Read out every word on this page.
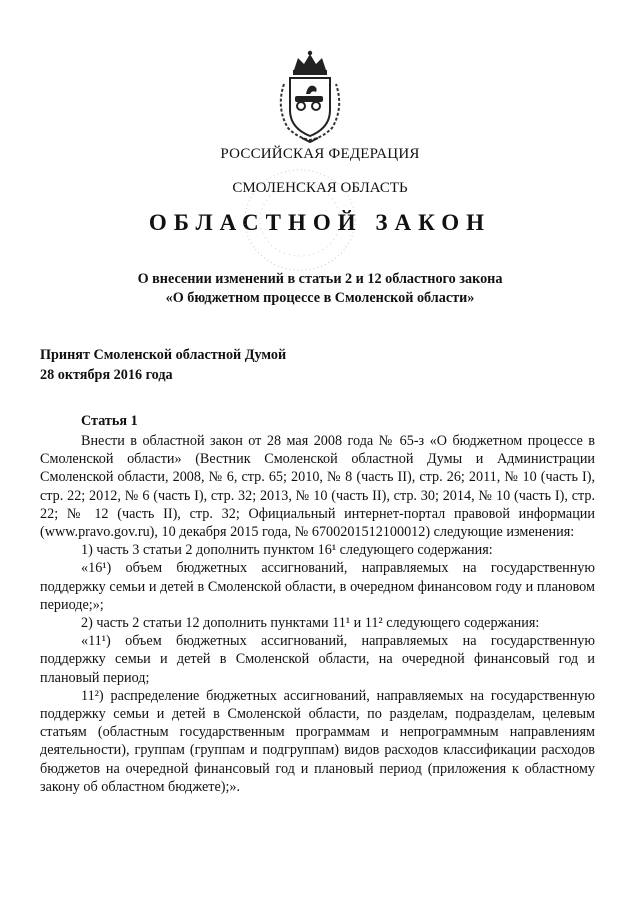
РОССИЙСКАЯ ФЕДЕРАЦИЯ
СМОЛЕНСКАЯ ОБЛАСТЬ
ОБЛАСТНОЙ ЗАКОН
О внесении изменений в статьи 2 и 12 областного закона
«О бюджетном процессе в Смоленской области»
Принят Смоленской областной Думой
28 октября 2016 года
Статья 1

Внести в областной закон от 28 мая 2008 года № 65-з «О бюджетном процессе в Смоленской области» (Вестник Смоленской областной Думы и Администрации Смоленской области, 2008, № 6, стр. 65; 2010, № 8 (часть II), стр. 26; 2011, № 10 (часть I), стр. 22; 2012, № 6 (часть I), стр. 32; 2013, № 10 (часть II), стр. 30; 2014, № 10 (часть I), стр. 22; № 12 (часть II), стр. 32; Официальный интернет-портал правовой информации (www.pravo.gov.ru), 10 декабря 2015 года, № 6700201512100012) следующие изменения:

1) часть 3 статьи 2 дополнить пунктом 16¹ следующего содержания:

«16¹) объем бюджетных ассигнований, направляемых на государственную поддержку семьи и детей в Смоленской области, в очередном финансовом году и плановом периоде;»;

2) часть 2 статьи 12 дополнить пунктами 11¹ и 11² следующего содержания:

«11¹) объем бюджетных ассигнований, направляемых на государственную поддержку семьи и детей в Смоленской области, на очередной финансовый год и плановый период;

11²) распределение бюджетных ассигнований, направляемых на государственную поддержку семьи и детей в Смоленской области, по разделам, подразделам, целевым статьям (областным государственным программам и непрограммным направлениям деятельности), группам (группам и подгруппам) видов расходов классификации расходов бюджетов на очередной финансовый год и плановый период (приложения к областному закону об областном бюджете);».
